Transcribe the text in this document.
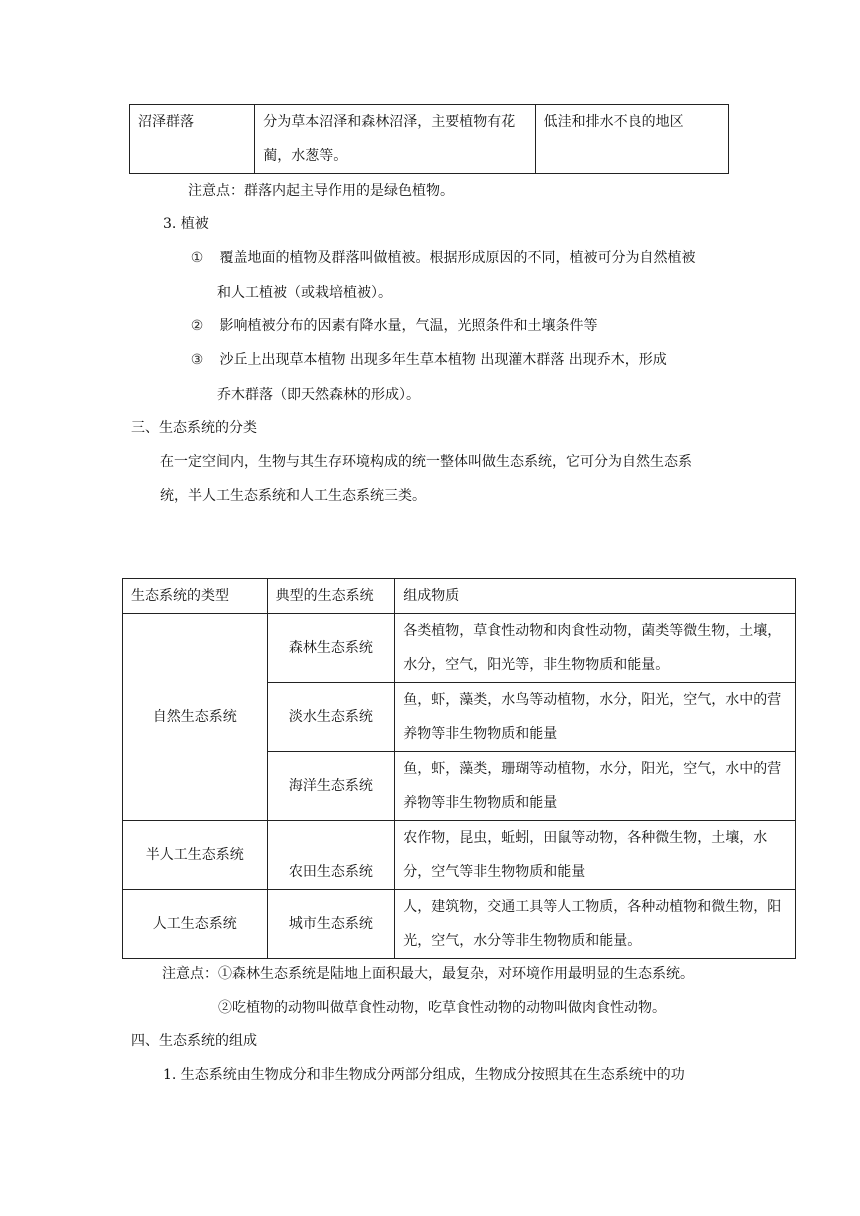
沼泽群落	分为草本沼泽和森林沼泽，主要植物有花蔺，水葱等。	低洼和排水不良的地区
注意点：群落内起主导作用的是绿色植物。
3. 植被
① 覆盖地面的植物及群落叫做植被。根据形成原因的不同，植被可分为自然植被
和人工植被（或栽培植被）。
② 影响植被分布的因素有降水量，气温，光照条件和土壤条件等
③ 沙丘上出现草本植物 出现多年生草本植物 出现灌木群落 出现乔木，形成
乔木群落（即天然森林的形成）。
三、生态系统的分类
在一定空间内，生物与其生存环境构成的统一整体叫做生态系统，它可分为自然生态系
统，半人工生态系统和人工生态系统三类。
生态系统的类型	典型的生态系统	组成物质
自然生态系统	森林生态系统	各类植物，草食性动物和肉食性动物，菌类等微生物，土壤，水分，空气，阳光等，非生物物质和能量。
	淡水生态系统	鱼，虾，藻类，水鸟等动植物，水分，阳光，空气，水中的营养物等非生物物质和能量
	海洋生态系统	鱼，虾，藻类，珊瑚等动植物，水分，阳光，空气，水中的营养物等非生物物质和能量
半人工生态系统	农田生态系统	农作物，昆虫，蚯蚓，田鼠等动物，各种微生物，土壤，水分，空气等非生物物质和能量
人工生态系统	城市生态系统	人，建筑物，交通工具等人工物质，各种动植物和微生物，阳光，空气，水分等非生物物质和能量。
注意点：①森林生态系统是陆地上面积最大，最复杂，对环境作用最明显的生态系统。
②吃植物的动物叫做草食性动物，吃草食性动物的动物叫做肉食性动物。
四、生态系统的组成
1. 生态系统由生物成分和非生物成分两部分组成，生物成分按照其在生态系统中的功
